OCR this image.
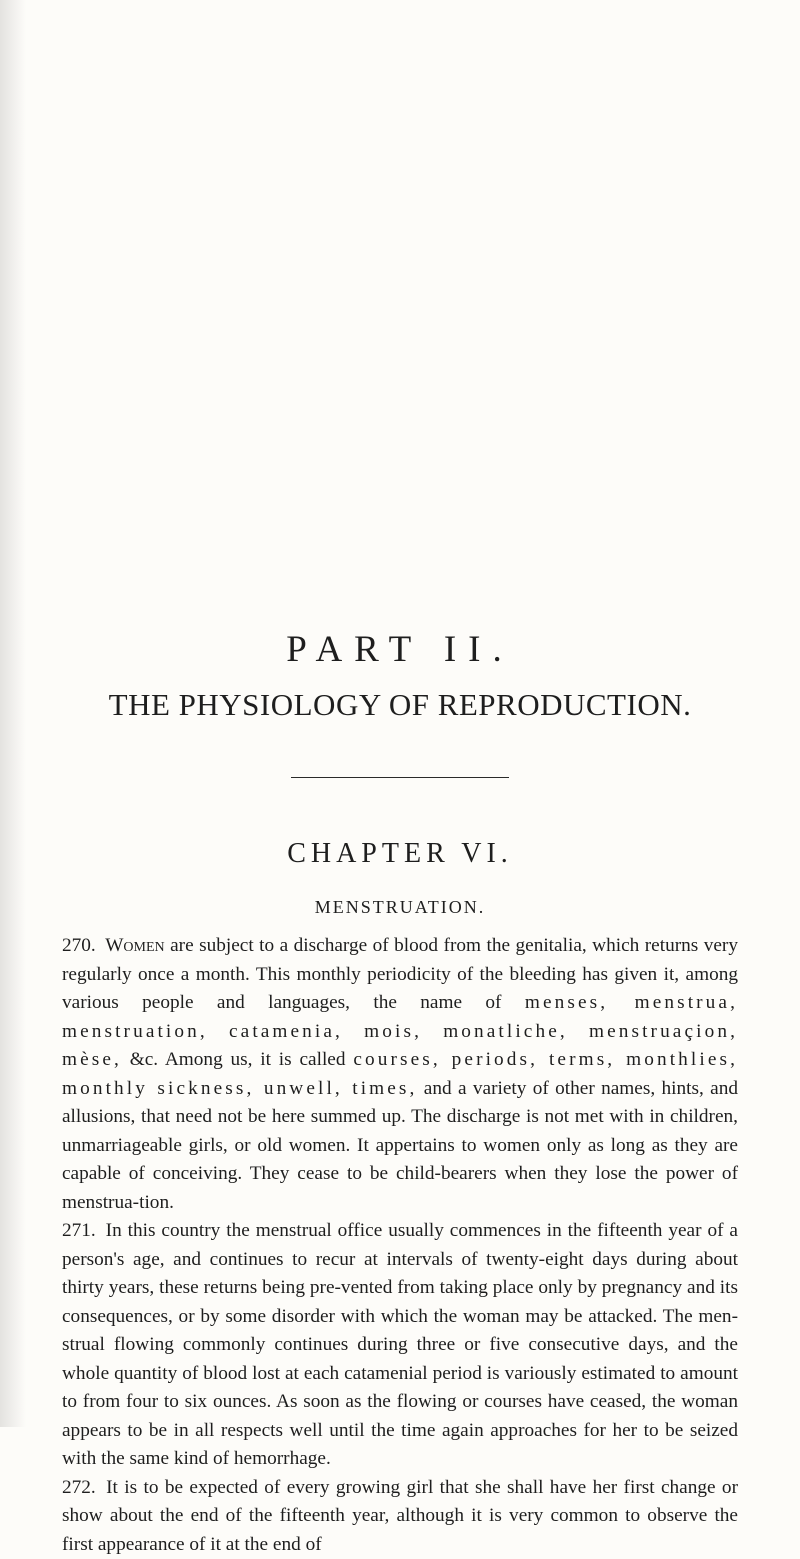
PART II.
THE PHYSIOLOGY OF REPRODUCTION.
CHAPTER VI.
MENSTRUATION.

270. Women are subject to a discharge of blood from the genitalia, which returns very regularly once a month. This monthly periodicity of the bleeding has given it, among various people and languages, the name of menses, menstrua, menstruation, catamenia, mois, monatliche, menstruaçion, mèse, &c. Among us, it is called courses, periods, terms, monthlies, monthly sickness, unwell, times, and a variety of other names, hints, and allusions, that need not be here summed up. The discharge is not met with in children, unmarriageable girls, or old women. It appertains to women only as long as they are capable of conceiving. They cease to be child-bearers when they lose the power of menstrua-tion.

271. In this country the menstrual office usually commences in the fifteenth year of a person's age, and continues to recur at intervals of twenty-eight days during about thirty years, these returns being pre-vented from taking place only by pregnancy and its consequences, or by some disorder with which the woman may be attacked. The men-strual flowing commonly continues during three or five consecutive days, and the whole quantity of blood lost at each catamenial period is variously estimated to amount to from four to six ounces. As soon as the flowing or courses have ceased, the woman appears to be in all respects well until the time again approaches for her to be seized with the same kind of hemorrhage.

272. It is to be expected of every growing girl that she shall have her first change or show about the end of the fifteenth year, although it is very common to observe the first appearance of it at the end of
